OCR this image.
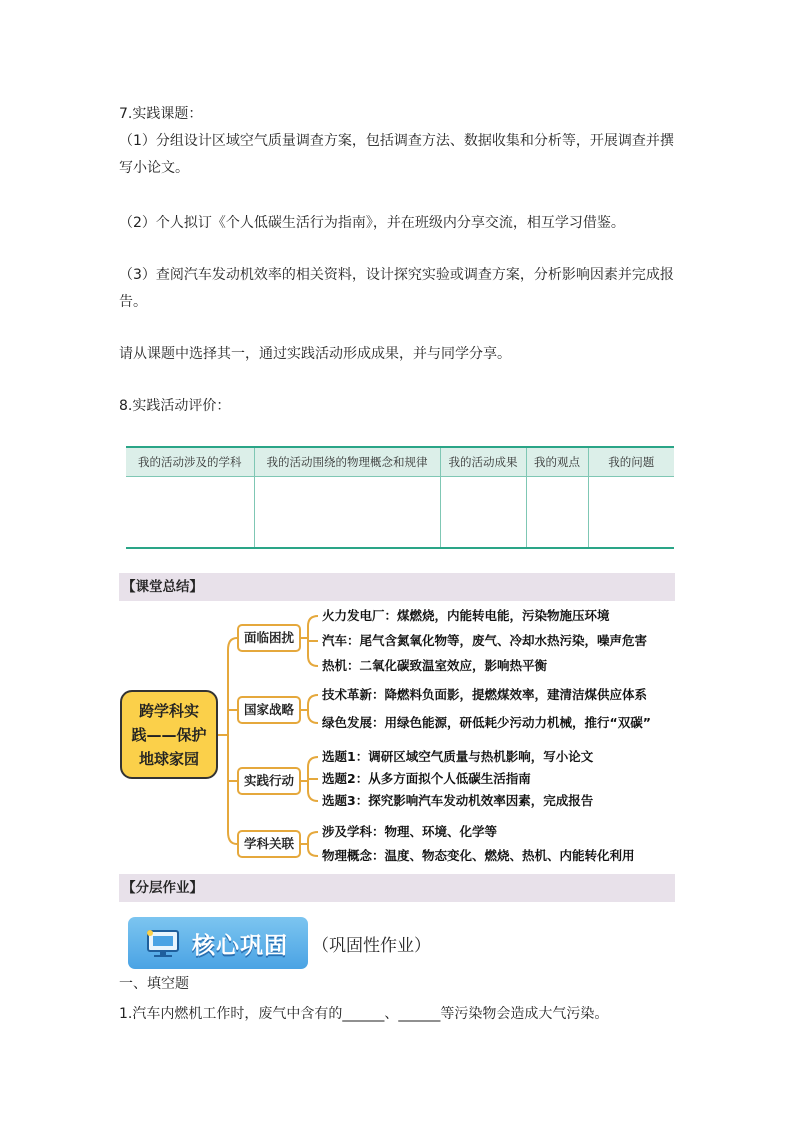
7.实践课题：
（1）分组设计区域空气质量调查方案，包括调查方法、数据收集和分析等，开展调查并撰写小论文。
（2）个人拟订《个人低碳生活行为指南》，并在班级内分享交流，相互学习借鉴。
（3）查阅汽车发动机效率的相关资料，设计探究实验或调查方案，分析影响因素并完成报告。
请从课题中选择其一，通过实践活动形成成果，并与同学分享。
8.实践活动评价：
我的活动涉及的学科	我的活动围绕的物理概念和规律	我的活动成果	我的观点	我的问题

【课堂总结】
跨学科实
践——保护
地球家园
面临困扰
国家战略
实践行动
学科关联
火力发电厂：煤燃烧，内能转电能，污染物施压环境
汽车：尾气含氮氧化物等，废气、冷却水热污染，噪声危害
热机：二氧化碳致温室效应，影响热平衡
技术革新：降燃料负面影，提燃煤效率，建清洁煤供应体系
绿色发展：用绿色能源，研低耗少污动力机械，推行“双碳”
选题1：调研区域空气质量与热机影响，写小论文
选题2：从多方面拟个人低碳生活指南
选题3：探究影响汽车发动机效率因素，完成报告
涉及学科：物理、环境、化学等
物理概念：温度、物态变化、燃烧、热机、内能转化利用
【分层作业】
核心巩固 （巩固性作业）
一、填空题
1.汽车内燃机工作时，废气中含有的______、______等污染物会造成大气污染。
